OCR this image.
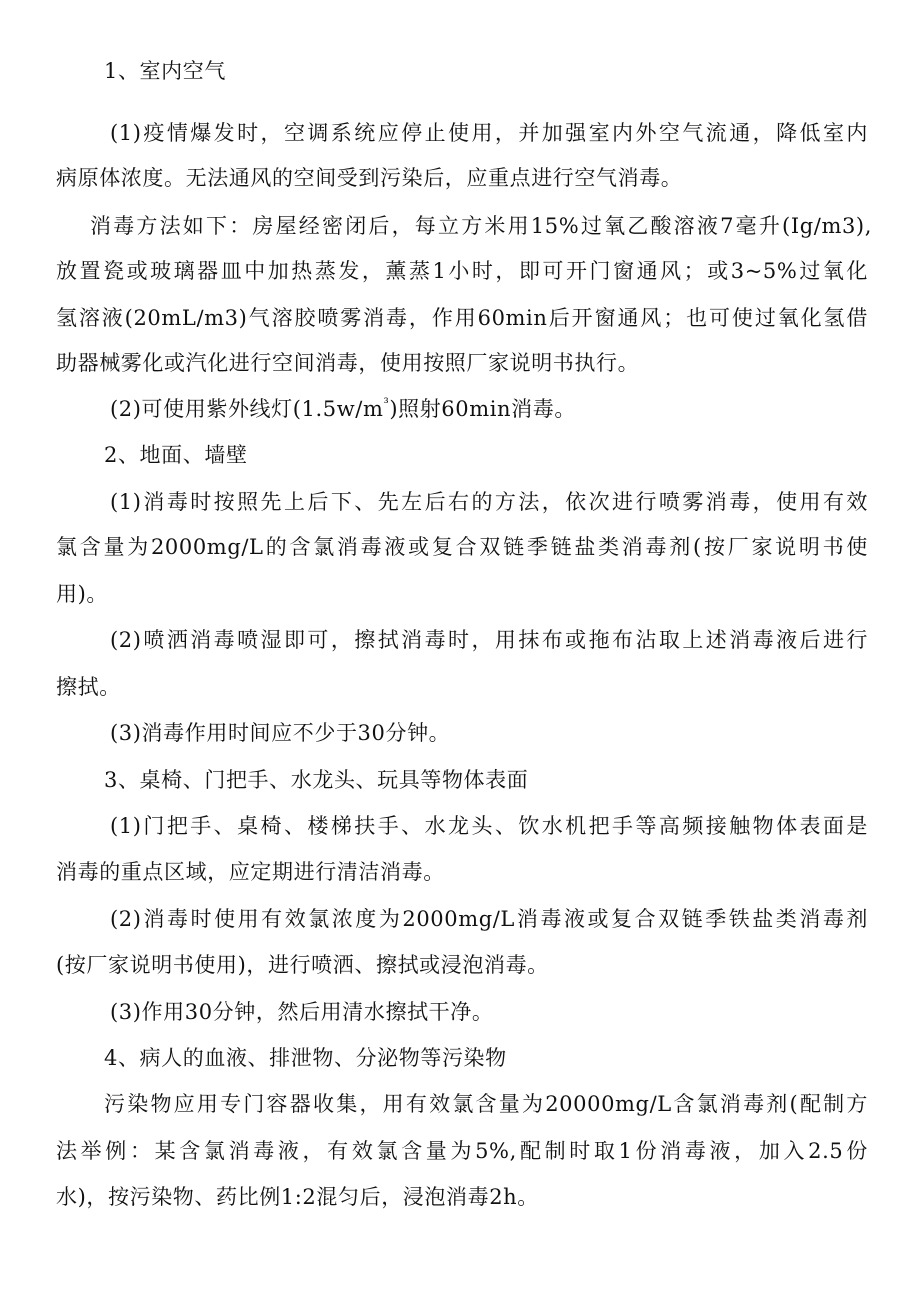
1、室内空气
(1)疫情爆发时，空调系统应停止使用，并加强室内外空气流通，降低室内
病原体浓度。无法通风的空间受到污染后，应重点进行空气消毒。
消毒方法如下：房屋经密闭后，每立方米用15%过氧乙酸溶液7毫升(Ig∕m3),
放置瓷或玻璃器皿中加热蒸发，薰蒸1小时，即可开门窗通风；或3~5%过氧化
氢溶液(20mL∕m3)气溶胶喷雾消毒，作用60min后开窗通风；也可使过氧化氢借
助器械雾化或汽化进行空间消毒，使用按照厂家说明书执行。
(2)可使用紫外线灯$(1.5w∕m^{^3})$照射60min消毒。
2、地面、墙壁
(1)消毒时按照先上后下、先左后右的方法，依次进行喷雾消毒，使用有效
氯含量为2000mg∕L的含氯消毒液或复合双链季链盐类消毒剂(按厂家说明书使
用)。
(2)喷洒消毒喷湿即可，擦拭消毒时，用抹布或拖布沾取上述消毒液后进行
擦拭。
(3)消毒作用时间应不少于30分钟。
3、桌椅、门把手、水龙头、玩具等物体表面
(1)门把手、桌椅、楼梯扶手、水龙头、饮水机把手等高频接触物体表面是
消毒的重点区域，应定期进行清洁消毒。
(2)消毒时使用有效氯浓度为2000mg∕L消毒液或复合双链季铁盐类消毒剂
(按厂家说明书使用)，进行喷洒、擦拭或浸泡消毒。
(3)作用30分钟，然后用清水擦拭干净。
4、病人的血液、排泄物、分泌物等污染物
污染物应用专门容器收集，用有效氯含量为20000mg∕L含氯消毒剂(配制方
法举例：某含氯消毒液，有效氯含量为5%,配制时取1份消毒液，加入2.5份
水)，按污染物、药比例1:2混匀后，浸泡消毒2h。
